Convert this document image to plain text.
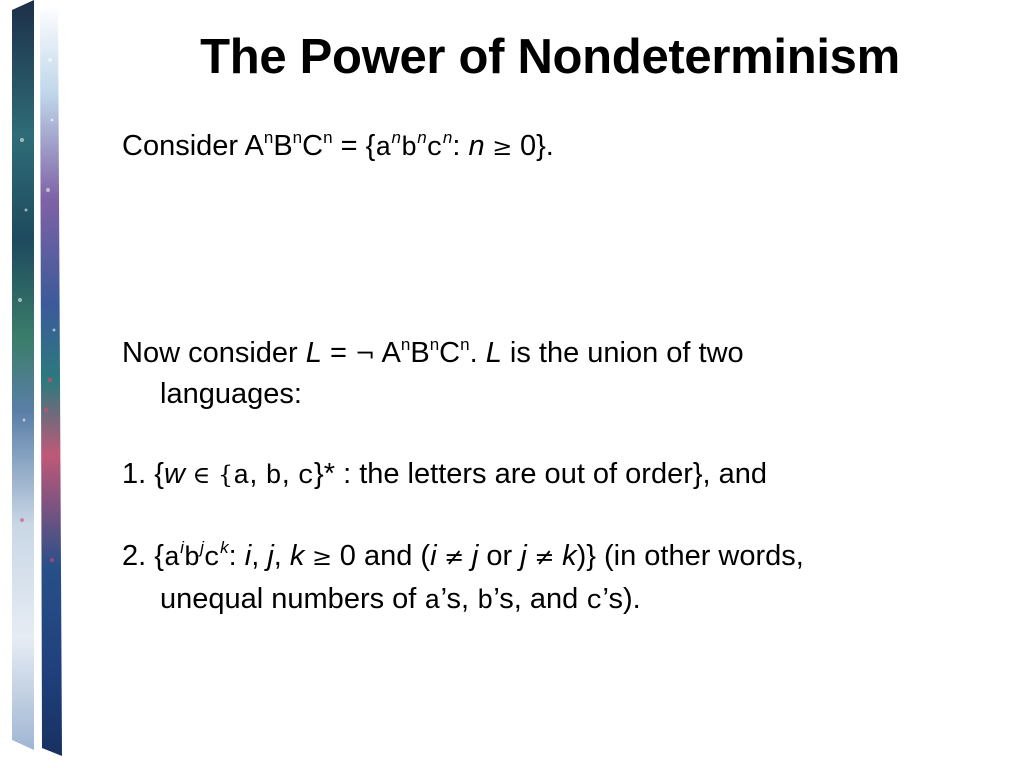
The Power of Nondeterminism
Consider $A^nB^nC^n = \{a^nb^nc^n$: n ≥ 0}.
Now consider L = ¬ $A^nB^nC^n$. L is the union of two
languages:
1. {w ∈ {a, b, c}* : the letters are out of order}, and
2. {$a^ib^jc^k$: i, j, k ≥ 0 and (i ≠ j or j ≠ k)} (in other words,
unequal numbers of a’s, b’s, and c’s).
